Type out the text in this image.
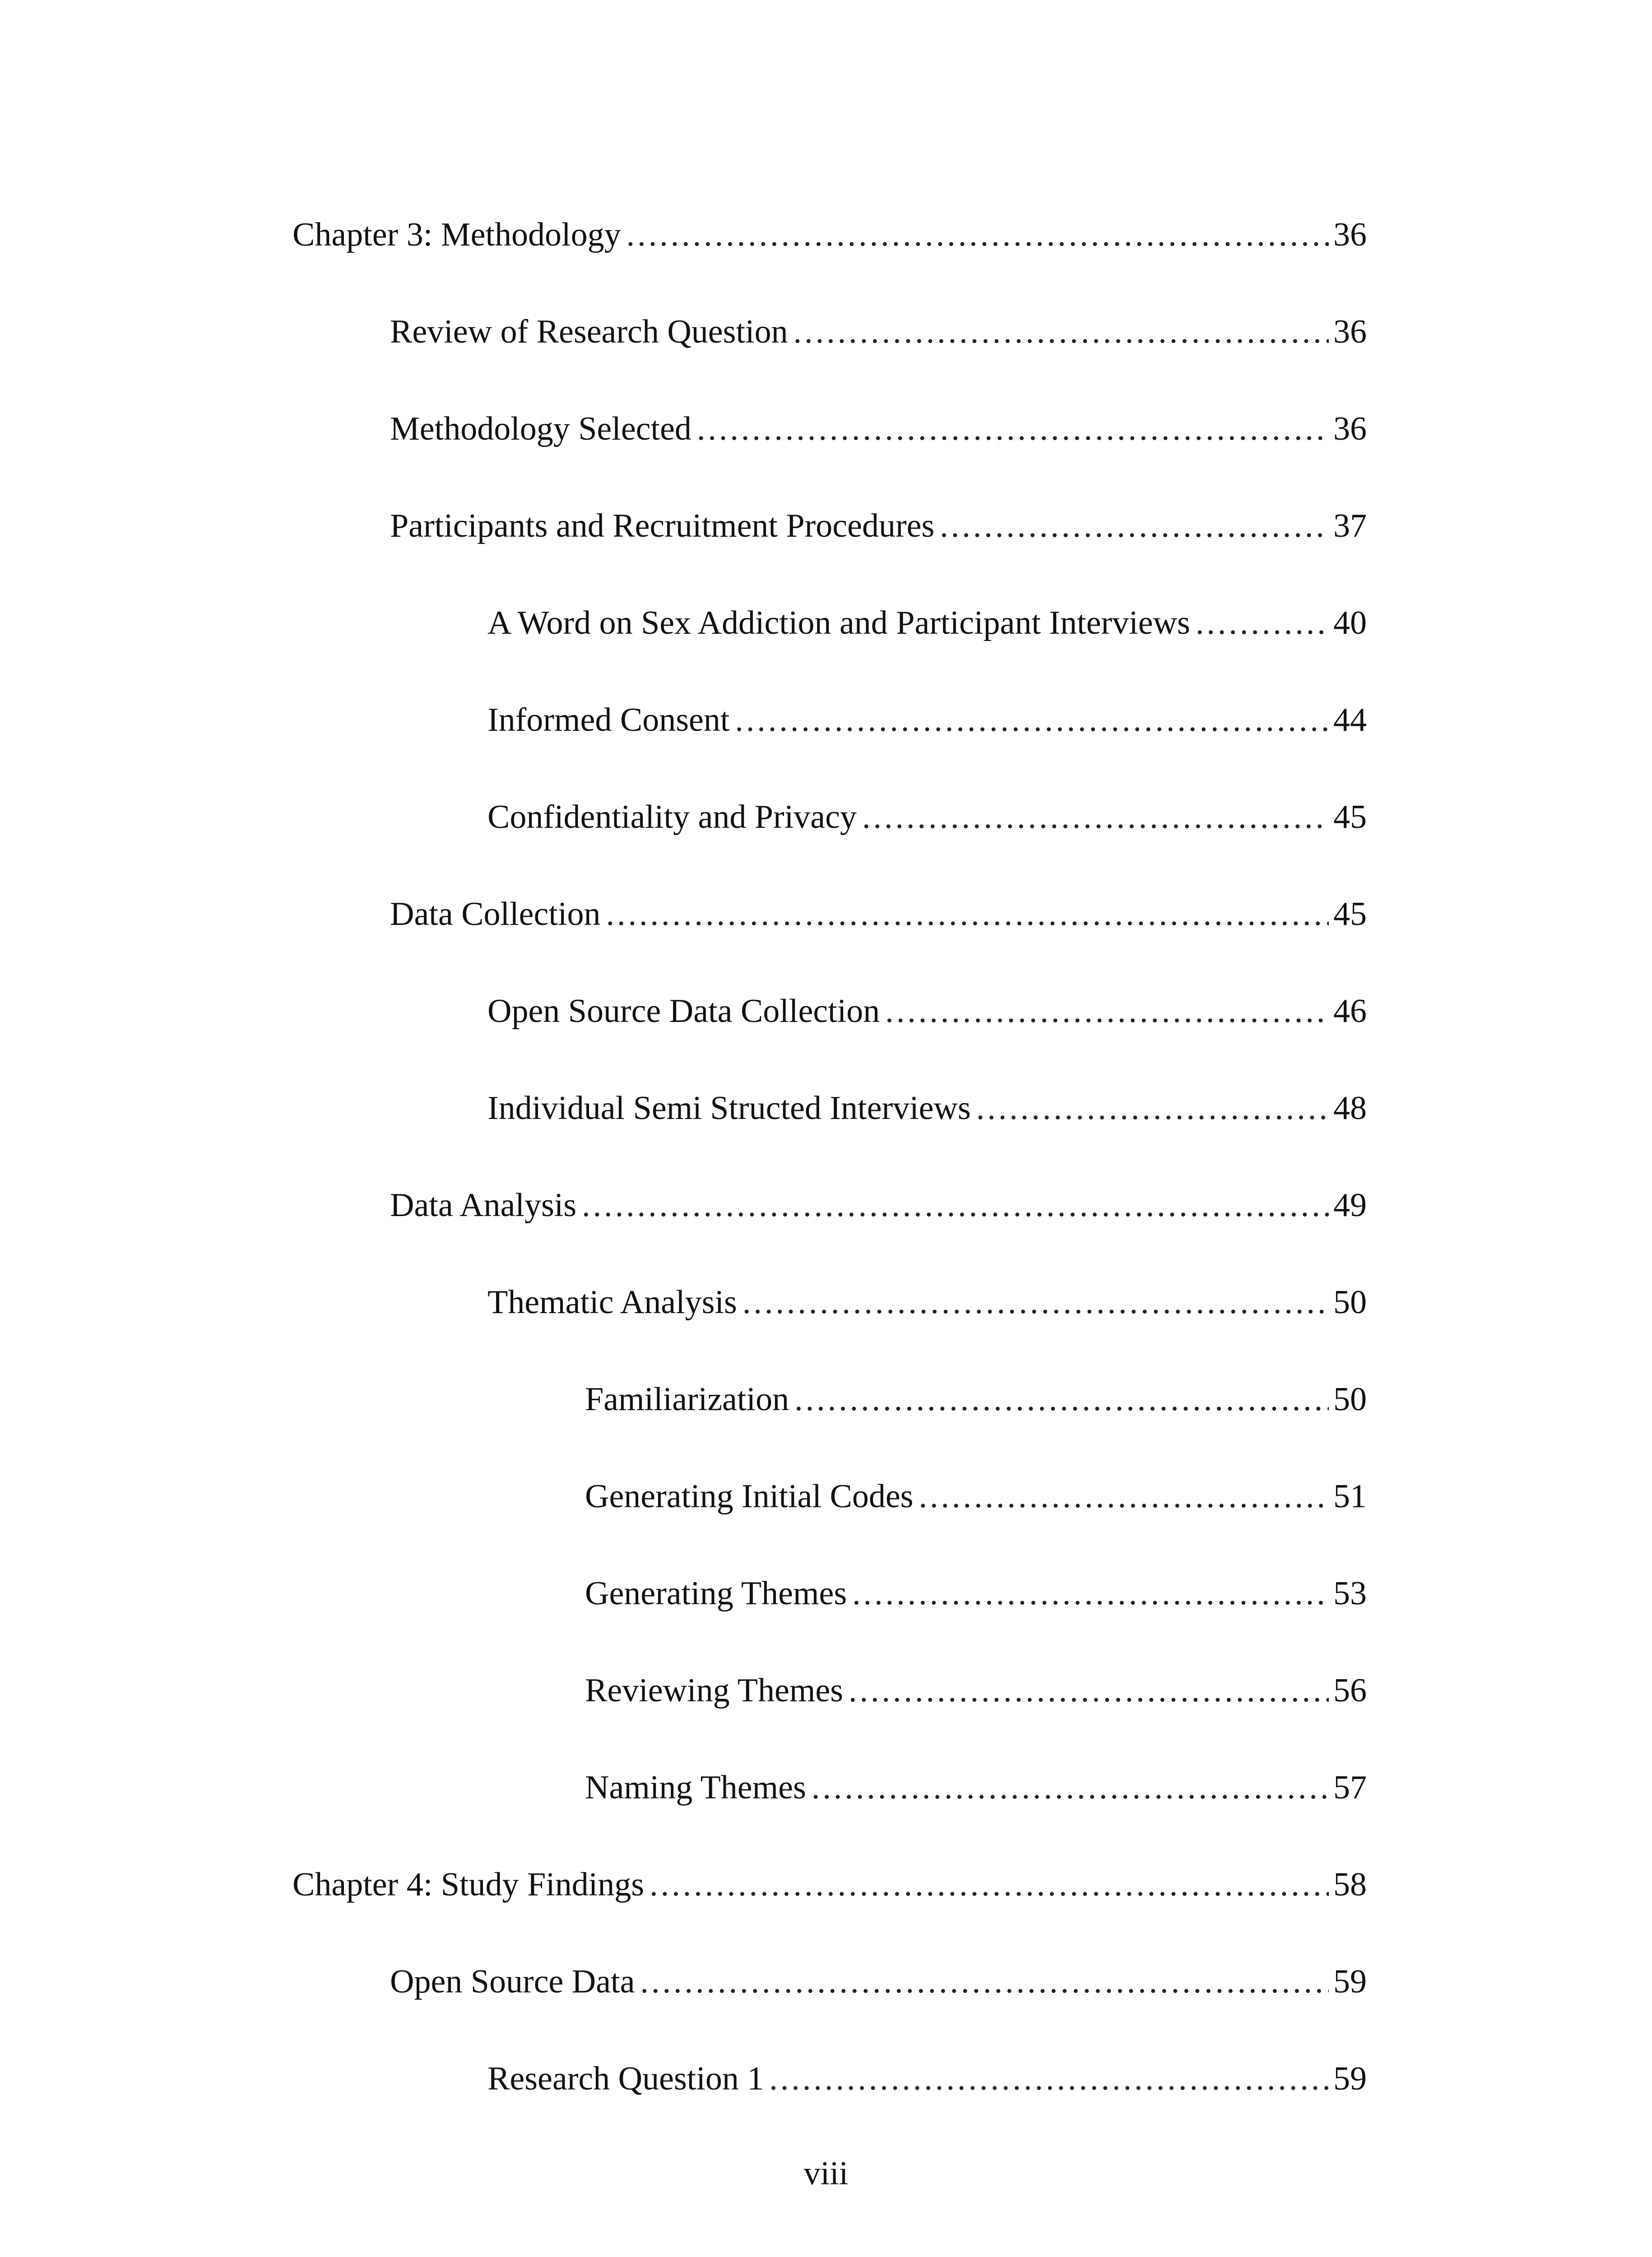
Chapter 3: Methodology .....	36
Review of Research Question .....	36
Methodology Selected .....	36
Participants and Recruitment Procedures .....	37
A Word on Sex Addiction and Participant Interviews .....	40
Informed Consent .....	44
Confidentiality and Privacy .....	45
Data Collection .....	45
Open Source Data Collection .....	46
Individual Semi Structed Interviews .....	48
Data Analysis .....	49
Thematic Analysis .....	50
Familiarization .....	50
Generating Initial Codes .....	51
Generating Themes .....	53
Reviewing Themes .....	56
Naming Themes .....	57
Chapter 4: Study Findings .....	58
Open Source Data .....	59
Research Question 1 .....	59
viii
